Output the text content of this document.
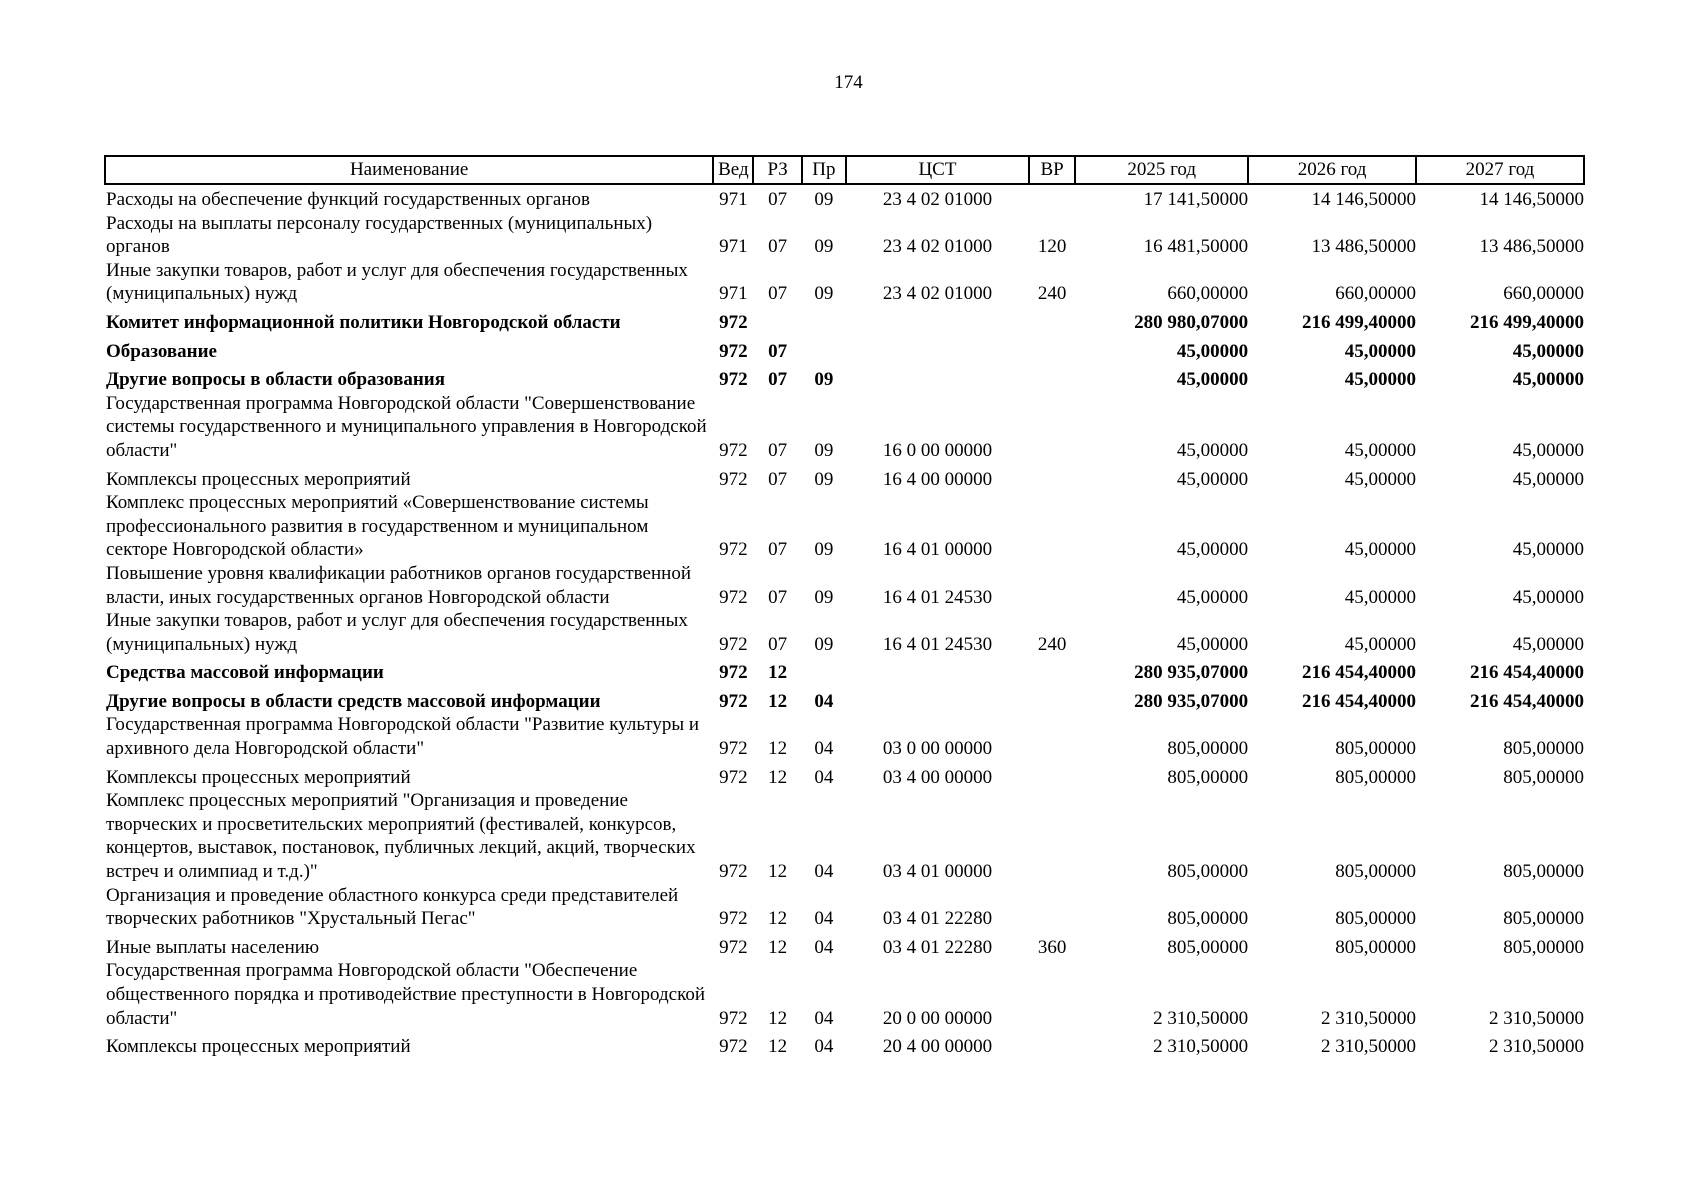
174
Наименование	Вед	РЗ	Пр	ЦСТ	ВР	2025 год	2026 год	2027 год
Расходы на обеспечение функций государственных органов	971	07	09	23 4 02 01000		17 141,50000	14 146,50000	14 146,50000
Расходы на выплаты персоналу государственных (муниципальных) органов	971	07	09	23 4 02 01000	120	16 481,50000	13 486,50000	13 486,50000
Иные закупки товаров, работ и услуг для обеспечения государственных (муниципальных) нужд	971	07	09	23 4 02 01000	240	660,00000	660,00000	660,00000
Комитет информационной политики Новгородской области	972					280 980,07000	216 499,40000	216 499,40000
Образование	972	07				45,00000	45,00000	45,00000
Другие вопросы в области образования	972	07	09			45,00000	45,00000	45,00000
Государственная программа Новгородской области "Совершенствование системы государственного и муниципального управления в Новгородской области"	972	07	09	16 0 00 00000		45,00000	45,00000	45,00000
Комплексы процессных мероприятий	972	07	09	16 4 00 00000		45,00000	45,00000	45,00000
Комплекс процессных мероприятий «Совершенствование системы профессионального развития в государственном и муниципальном секторе Новгородской области»	972	07	09	16 4 01 00000		45,00000	45,00000	45,00000
Повышение уровня квалификации работников органов государственной власти, иных государственных органов Новгородской области	972	07	09	16 4 01 24530		45,00000	45,00000	45,00000
Иные закупки товаров, работ и услуг для обеспечения государственных (муниципальных) нужд	972	07	09	16 4 01 24530	240	45,00000	45,00000	45,00000
Средства массовой информации	972	12				280 935,07000	216 454,40000	216 454,40000
Другие вопросы в области средств массовой информации	972	12	04			280 935,07000	216 454,40000	216 454,40000
Государственная программа Новгородской области "Развитие культуры и архивного дела Новгородской области"	972	12	04	03 0 00 00000		805,00000	805,00000	805,00000
Комплексы процессных мероприятий	972	12	04	03 4 00 00000		805,00000	805,00000	805,00000
Комплекс процессных мероприятий "Организация и проведение творческих и просветительских мероприятий (фестивалей, конкурсов, концертов, выставок, постановок, публичных лекций, акций, творческих встреч и олимпиад и т.д.)"	972	12	04	03 4 01 00000		805,00000	805,00000	805,00000
Организация и проведение областного конкурса среди представителей творческих работников "Хрустальный Пегас"	972	12	04	03 4 01 22280		805,00000	805,00000	805,00000
Иные выплаты населению	972	12	04	03 4 01 22280	360	805,00000	805,00000	805,00000
Государственная программа Новгородской области "Обеспечение общественного порядка и противодействие преступности в Новгородской области"	972	12	04	20 0 00 00000		2 310,50000	2 310,50000	2 310,50000
Комплексы процессных мероприятий	972	12	04	20 4 00 00000		2 310,50000	2 310,50000	2 310,50000
